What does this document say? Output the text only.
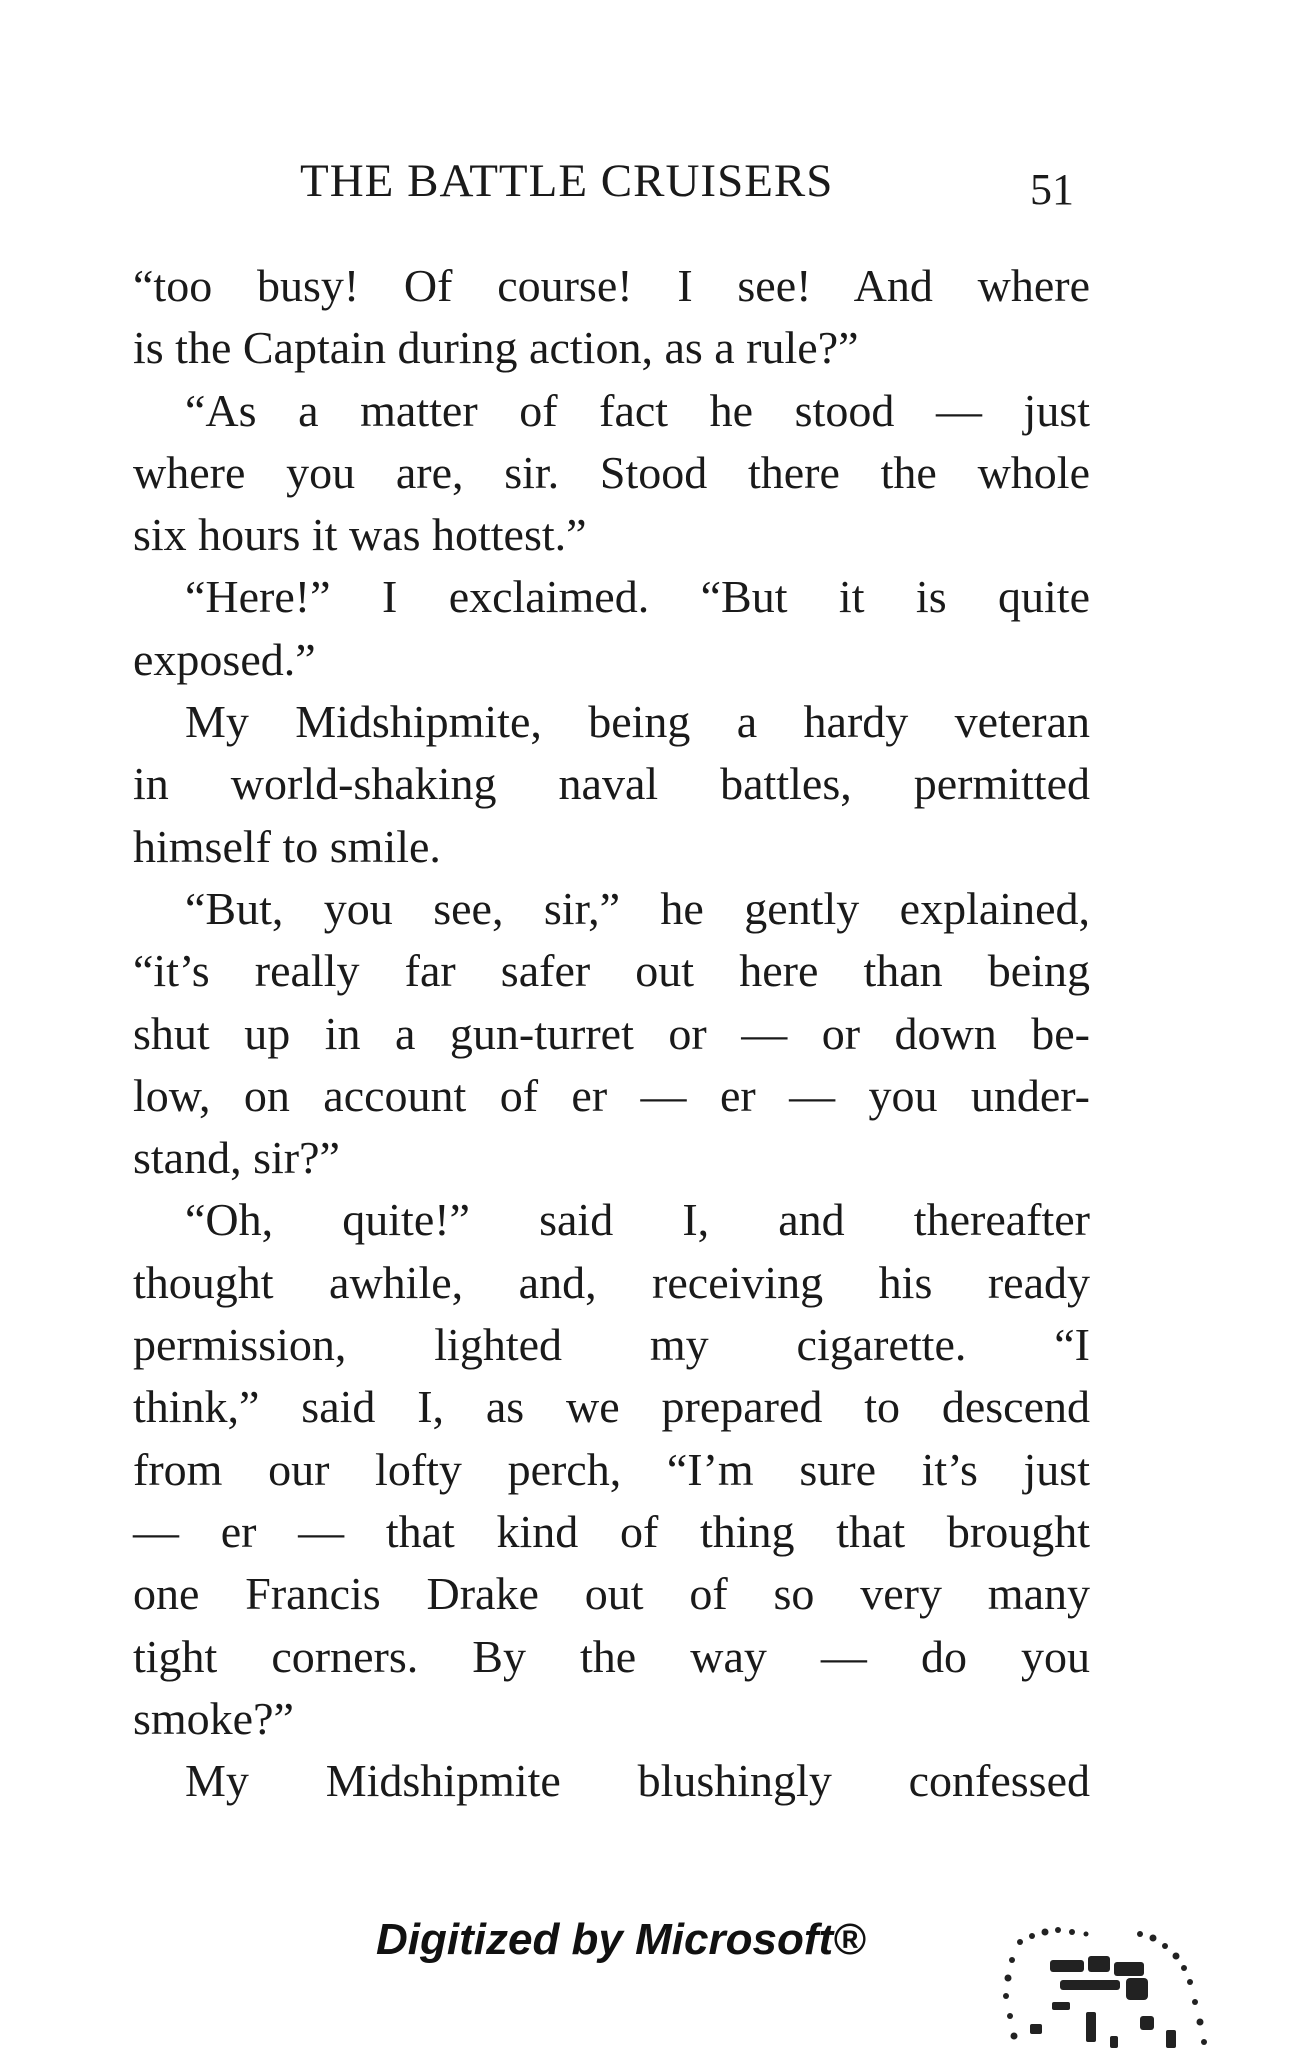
THE BATTLE CRUISERS	51
“too busy! Of course! I see! And where
is the Captain during action, as a rule?”
“As a matter of fact he stood — just
where you are, sir. Stood there the whole
six hours it was hottest.”
“Here!” I exclaimed. “But it is quite
exposed.”
My Midshipmite, being a hardy veteran
in world-shaking naval battles, permitted
himself to smile.
“But, you see, sir,” he gently explained,
“it’s really far safer out here than being
shut up in a gun-turret or — or down be-
low, on account of er — er — you under-
stand, sir?”
“Oh, quite!” said I, and thereafter
thought awhile, and, receiving his ready
permission, lighted my cigarette. “I
think,” said I, as we prepared to descend
from our lofty perch, “I’m sure it’s just
— er — that kind of thing that brought
one Francis Drake out of so very many
tight corners. By the way — do you
smoke?”
My Midshipmite blushingly confessed
Digitized by Microsoft®
